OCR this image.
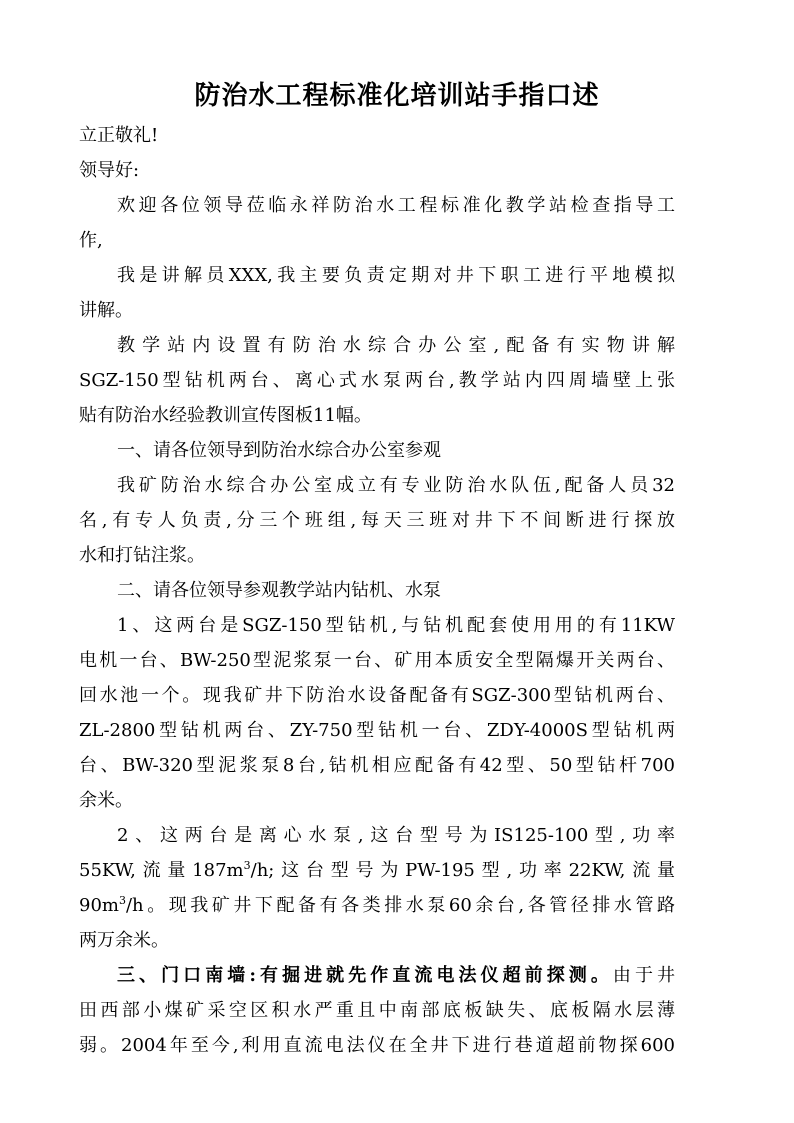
防治水工程标准化培训站手指口述

立正敬礼!

领导好:

欢迎各位领导莅临永祥防治水工程标准化教学站检查指导工

作,

我是讲解员XXX,我主要负责定期对井下职工进行平地模拟

讲解。

教学站内设置有防治水综合办公室,配备有实物讲解

SGZ-150型钻机两台、离心式水泵两台,教学站内四周墙壁上张

贴有防治水经验教训宣传图板11幅。

一、请各位领导到防治水综合办公室参观

我矿防治水综合办公室成立有专业防治水队伍,配备人员32

名,有专人负责,分三个班组,每天三班对井下不间断进行探放

水和打钻注浆。

二、请各位领导参观教学站内钻机、水泵

1、这两台是SGZ-150型钻机,与钻机配套使用用的有11KW

电机一台、BW-250型泥浆泵一台、矿用本质安全型隔爆开关两台、

回水池一个。现我矿井下防治水设备配备有SGZ-300型钻机两台、

ZL-2800型钻机两台、ZY-750型钻机一台、ZDY-4000S型钻机两

台、BW-320型泥浆泵8台,钻机相应配备有42型、50型钻杆700

余米。

2、这两台是离心水泵,这台型号为IS125-100型,功率

55KW,流量$187m^3/h$;这台型号为PW-195型,功率22KW,流量

$90m^3/h$。现我矿井下配备有各类排水泵60余台,各管径排水管路

两万余米。

三、门口南墙:有掘进就先作直流电法仪超前探测。由于井

田西部小煤矿采空区积水严重且中南部底板缺失、底板隔水层薄

弱。2004年至今,利用直流电法仪在全井下进行巷道超前物探600
